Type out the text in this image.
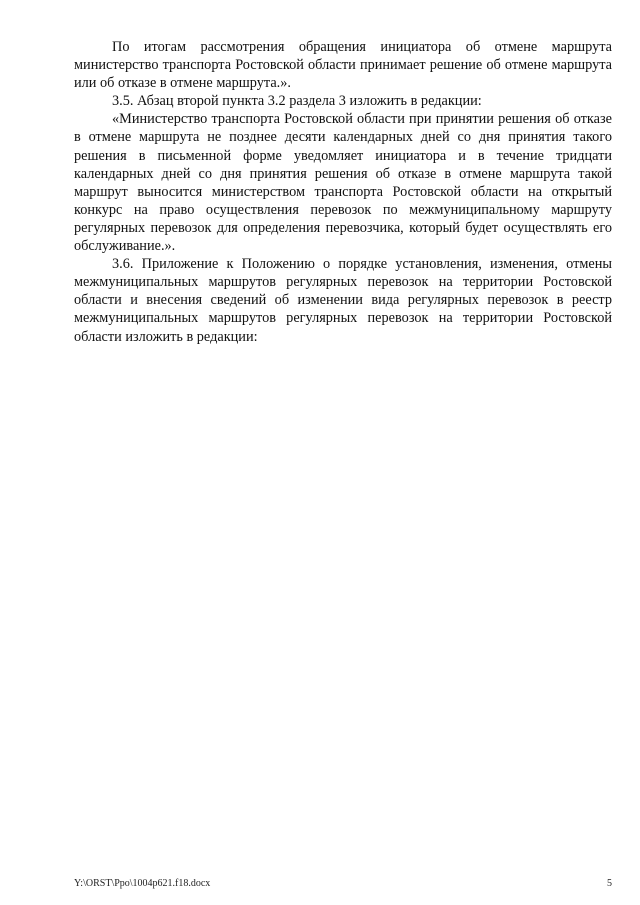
По итогам рассмотрения обращения инициатора об отмене маршрута министерство транспорта Ростовской области принимает решение об отмене маршрута или об отказе в отмене маршрута.».

3.5. Абзац второй пункта 3.2 раздела 3 изложить в редакции:

«Министерство транспорта Ростовской области при принятии решения об отказе в отмене маршрута не позднее десяти календарных дней со дня принятия такого решения в письменной форме уведомляет инициатора и в течение тридцати календарных дней со дня принятия решения об отказе в отмене маршрута такой маршрут выносится министерством транспорта Ростовской области на открытый конкурс на право осуществления перевозок по межмуниципальному маршруту регулярных перевозок для определения перевозчика, который будет осуществлять его обслуживание.».

3.6. Приложение к Положению о порядке установления, изменения, отмены межмуниципальных маршрутов регулярных перевозок на территории Ростовской области и внесения сведений об изменении вида регулярных перевозок в реестр межмуниципальных маршрутов регулярных перевозок на территории Ростовской области изложить в редакции:

Y:\ORST\Ppo\1004p621.f18.docx	5
